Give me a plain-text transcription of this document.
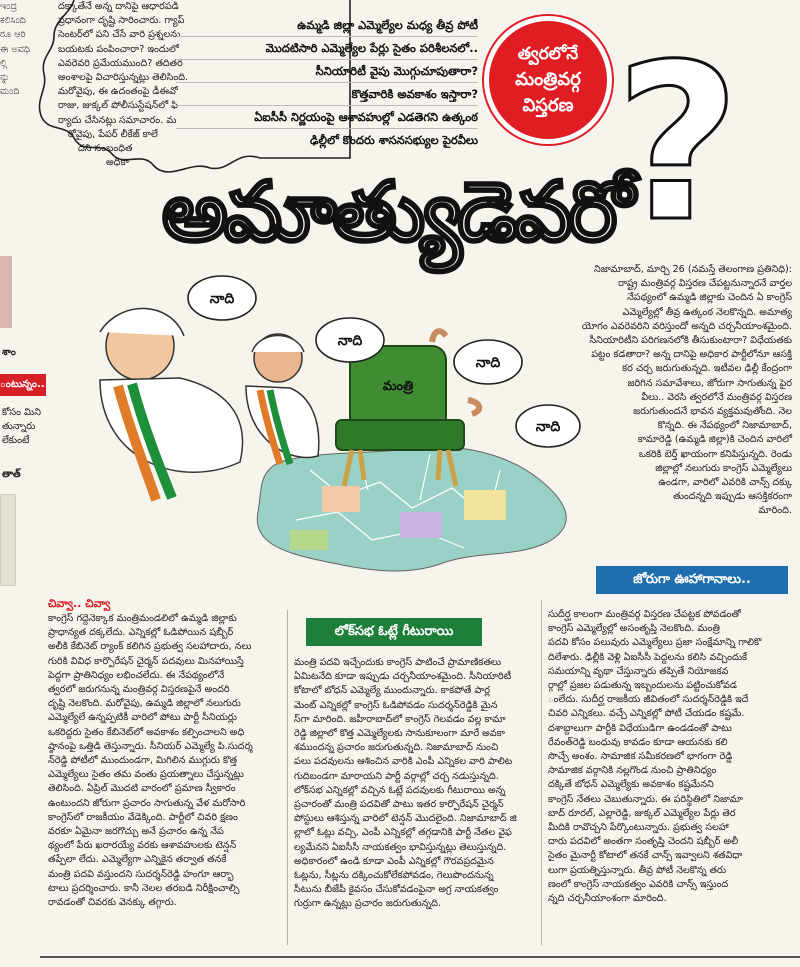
ಇಂದ್ರ
ಕಲಿಸಿಂದಿ
ರೂ ಆರಿ
ಈ ಅವಧಿ
ಲ್ಲಿ
ನ್ನು
ಮಂದಿ
దక్కాతేనే అన్న దానిపై ఆధారపడి
ప్రధానంగా దృష్టి సారించారు. గ్యాప్
సెంటర్‌లో పని చేసే వారి ప్రశ్నలను
బయటకు పంపించారా? ఇందులో
ఎవరెవరి ప్రమేయముంది? తదితర
అంశాలపై విచారిస్తున్నట్లు తెలిసింది.
మరోవైపు, ఈ ఉదంతంపై డీఈవో
రాజు, జుక్కల్ పోలీసుస్టేషన్‌లో ఫి
ర్యాదు చేసినట్లు సమాచారం. మ
రోవైపు, పేపర్ లీకేజ్ కాలే
దని సంబంధిత
అధికా
ఉమ్మడి జిల్లా ఎమ్మెల్యేల మధ్య తీవ్ర పోటీ
మొదటిసారి ఎమ్మెల్యేల పేర్లు సైతం పరిశీలనలో..
సీనియారిటీ వైపు మొగ్గుచూపుతారా?
కొత్తవారికి అవకాశం ఇస్తారా?
ఏఐసీసీ నిర్ణయంపై ఆశావహుల్లో ఎడతెగని ఉత్కంఠ
ఢిల్లీలో కొందరు శాసనసభ్యుల పైరవీలు
త్వరలోనే
మంత్రివర్గ
విస్తరణ ?
అమాత్యుడెవరో
శాం
ంటున్నం..
కోసం మిని
తున్నారు
లేకుంటే
తాత్
మంత్రి
నాది
నాది
నాది
నాది
నిజామాబాద్, మార్చి 26 (నమస్తే తెలంగాణ ప్రతినిధి):
రాష్ట్ర మంత్రివర్గ విస్తరణ చేపట్టనున్నారనే వార్తల
నేపథ్యంలో ఉమ్మడి జిల్లాకు చెందిన ఏ కాంగ్రెస్
ఎమ్మెల్యేల్లో తీవ్ర ఉత్కంఠ నెలకొన్నది. అమాత్య
యోగం ఎవరెవరిని వరిస్తుందో అన్నది చర్చనీయాంశమైంది.
సీనియారిటీని పరిగణనలోకి తీసుకుంటారా? విధేయతకు
పట్టం కడతారా? అన్న దానిపై అధికార పార్టీలోనూ ఆసక్తి
కర చర్చ జరుగుతున్నది. ఇటీవల ఢిల్లీ కేంద్రంగా
జరిగిన సమావేశాలు, జోరుగా సాగుతున్న పైర
వీలు.. వెరసి త్వరలోనే మంత్రివర్గ విస్తరణ
జరుగుతుందనే భావన వ్యక్తమవుతోంది. నెల
కొన్నది. ఈ నేపథ్యంలో నిజామాబాద్,
కామారెడ్డి (ఉమ్మడి జిల్లా)కి చెందిన వారిలో
ఒకరికి బెర్త్ ఖాయంగా కనిపిస్తున్నది. రెండు
జిల్లాల్లో నలుగురు కాంగ్రెస్ ఎమ్మెల్యేలు
ఉండగా, వారిలో ఎవరికి చాన్స్ దక్కు
తుందన్నది ఇప్పుడు ఆసక్తికరంగా
మారింది.
జోరుగా ఊహాగానాలు..
చివ్వా.. చివ్వా
కాంగ్రెస్ గద్దెనెక్కాక మంత్రిమండలిలో ఉమ్మడి జిల్లాకు
ప్రాధాన్యత దక్కలేదు. ఎన్నికల్లో ఓడిపోయిన షబ్బీర్
అలీకి కేబినెట్ ర్యాంక్ కలిగిన ప్రభుత్వ సలహాదారు, నలు
గురికి వివిధ కార్పొరేషన్ చైర్మన్ పదవులు మినహాయిస్తే
పెద్దగా ప్రాతినిధ్యం లభించలేదు. ఈ నేపథ్యంలోనే
త్వరలో జరుగనున్న మంత్రివర్గ విస్తరణపైనే అందరి
దృష్టి నెలకొంది. మరోవైపు, ఉమ్మడి జిల్లాలో నలుగురు
ఎమ్మెల్యేలే ఉన్నప్పటికీ వారిలో పోటు పార్టీ సీనియర్లు
ఒకరిద్దరు సైతం కేబినెట్‌లో అవకాశం కల్పించాలని అధి
ష్ఠానంపై ఒత్తిడి తెస్తున్నారు. సీనియర్ ఎమ్మెల్యే పి.సుదర్శ
న్‌రెడ్డి పోటీలో ముందుండగా, మిగిలిన ముగ్గురు కొత్త
ఎమ్మెల్యేలు సైతం తమ వంతు ప్రయత్నాలు చేస్తున్నట్లు
తెలిసింది. ఏప్రిల్ మొదటి వారంలో ప్రమాణ స్వీకారం
ఉంటుందని జోరుగా ప్రచారం సాగుతున్న వేళ మరోసారి
కాంగ్రెస్‌లో రాజకీయం వేడెక్కింది. పార్టీలో చివరి క్షణం
వరకూ ఏమైనా జరగొచ్చు అనే ప్రచారం ఉన్న నేప
థ్యంలో పేరు ఖరారయ్యే వరకు ఆశావహులకు టెన్షన్
తప్పేలా లేదు. ఎమ్మెల్యేగా ఎన్నికైన తర్వాత తనకే
మంత్రి పదవి వస్తుందని సుదర్శన్‌రెడ్డి హంగూ ఆర్భా
టాలు ప్రదర్శించారు. కానీ నెలల తరబడి నిరీక్షించాల్సి
రావడంతో చివరకు వెనక్కు తగ్గారు.
లోక్‌సభ ఓట్లే గీటురాయి
మంత్రి పదవి ఇచ్చేందుకు కాంగ్రెస్ పాటించే ప్రామాణికతలు
ఏమిటనేది కూడా ఇప్పుడు చర్చనీయాంశమైంది. సీనియారిటీ
కోటాలో బోధన్ ఎమ్మెల్యే ముందున్నారు. కాకపోతే పార్ల
మెంట్ ఎన్నికల్లో కాంగ్రెస్ ఓడిపోవడం సుదర్శన్‌రెడ్డికి మైన
స్‌గా మారింది. జహీరాబాద్‌లో కాంగ్రెస్ గెలవడం వల్ల కామా
రెడ్డి జిల్లాలో కొత్త ఎమ్మెల్యేలకు సానుకూలంగా మారే అవకా
శముందన్న ప్రచారం జరుగుతున్నది. నిజామాబాద్ నుంచి
పలు పదవులను ఆశించిన వారికి ఎంపీ ఎన్నికల వారి పాలిట
గుదిబండగా మారాయని పార్టీ వర్గాల్లో చర్చ నడుస్తున్నది.
లోక్‌సభ ఎన్నికల్లో వచ్చిన ఓట్లే పదవులకు గీటురాయి అన్న
ప్రచారంతో మంత్రి పదవితో పాటు ఇతర కార్పొరేషన్ చైర్మన్
పోస్టులు ఆశిస్తున్న వారిలో టెన్షన్ మొదలైంది. నిజామాబాద్ జి
ల్లాలో ఓట్లు వచ్చి, ఎంపీ ఎన్నికల్లో తగ్గడానికి పార్టీ నేతల వైఫ
ల్యమేనని ఏఐసీసీ నాయకత్వం భావిస్తున్నట్లు తెలుస్తున్నది.
అధికారంలో ఉండి కూడా ఎంపీ ఎన్నికల్లో గౌరవప్రదమైన
ఓట్లను, సీట్లను దక్కించుకోలేకపోవడం, గెలుపొందనున్న
సీటును బీజేపీ కైవసం చేసుకోవడంపైనా అగ్ర నాయకత్వం
గుర్రుగా ఉన్నట్లు ప్రచారం జరుగుతున్నది.
సుదీర్ఘ కాలంగా మంత్రివర్గ విస్తరణ చేపట్టక పోవడంతో
కాంగ్రెస్ ఎమ్మెల్యేల్లో అసంతృప్తి నెలకొంది. మంత్రి
పదవి కోసం పలువురు ఎమ్మెల్యేలు ప్రజా సంక్షేమాన్ని గాలికొ
దిలేశారు. ఢిల్లీకి వెళ్లి ఏఐసీసీ పెద్దలను కలిసి వచ్చిందుకే
సమయాన్ని వృథా చేస్తున్నారు తప్పితే నియోజకవ
ర్గాల్లో ప్రజల పడుతున్న ఇబ్బందులను పట్టించుకోవడ
ంలేదు. సుదీర్ఘ రాజకీయ జీవితంలో సుదర్శన్‌రెడ్డికి ఇదే
చివరి ఎన్నికలు. వచ్చే ఎన్నికల్లో పోటీ చేయడం కష్టమే.
దశాబ్దాలుగా పార్టీకి విధేయుడిగా ఉండడంతో పాటు
రేవంత్‌రెడ్డి బంధువు కావడం కూడా ఆయనకు కలి
సొచ్చే అంశం. సామాజిక సమీకరణలో భాగంగా రెడ్డి
సామాజిక వర్గానికి నల్లగొండ నుంచి ప్రాతినిధ్యం
దక్కితే బోధన్ ఎమ్మెల్యేకు అవకాశం కష్టమేనని
కాంగ్రెస్ నేతలు చెబుతున్నారు. ఈ పరిస్థితిలో నిజామా
బాద్ రూరల్, ఎల్లారెడ్డి, జుక్కల్ ఎమ్మెల్యేల పేర్లు తెర
మీదికి రావొచ్చని పేర్కొంటున్నారు. ప్రభుత్వ సలహా
దారు పదవిలో అంతగా సంతృప్తి చెందని షబ్బీర్ అలీ
సైతం మైనార్టీ కోటాలో తనకే చాన్స్ ఇవ్వాలని శతవిధా
లుగా ప్రయత్నిస్తున్నారు. తీవ్ర పోటీ నెలకొన్న తరు
ణంలో కాంగ్రెస్ నాయకత్వం ఎవరికి చాన్స్ ఇస్తుంద
న్నది చర్చనీయాంశంగా మారింది.
